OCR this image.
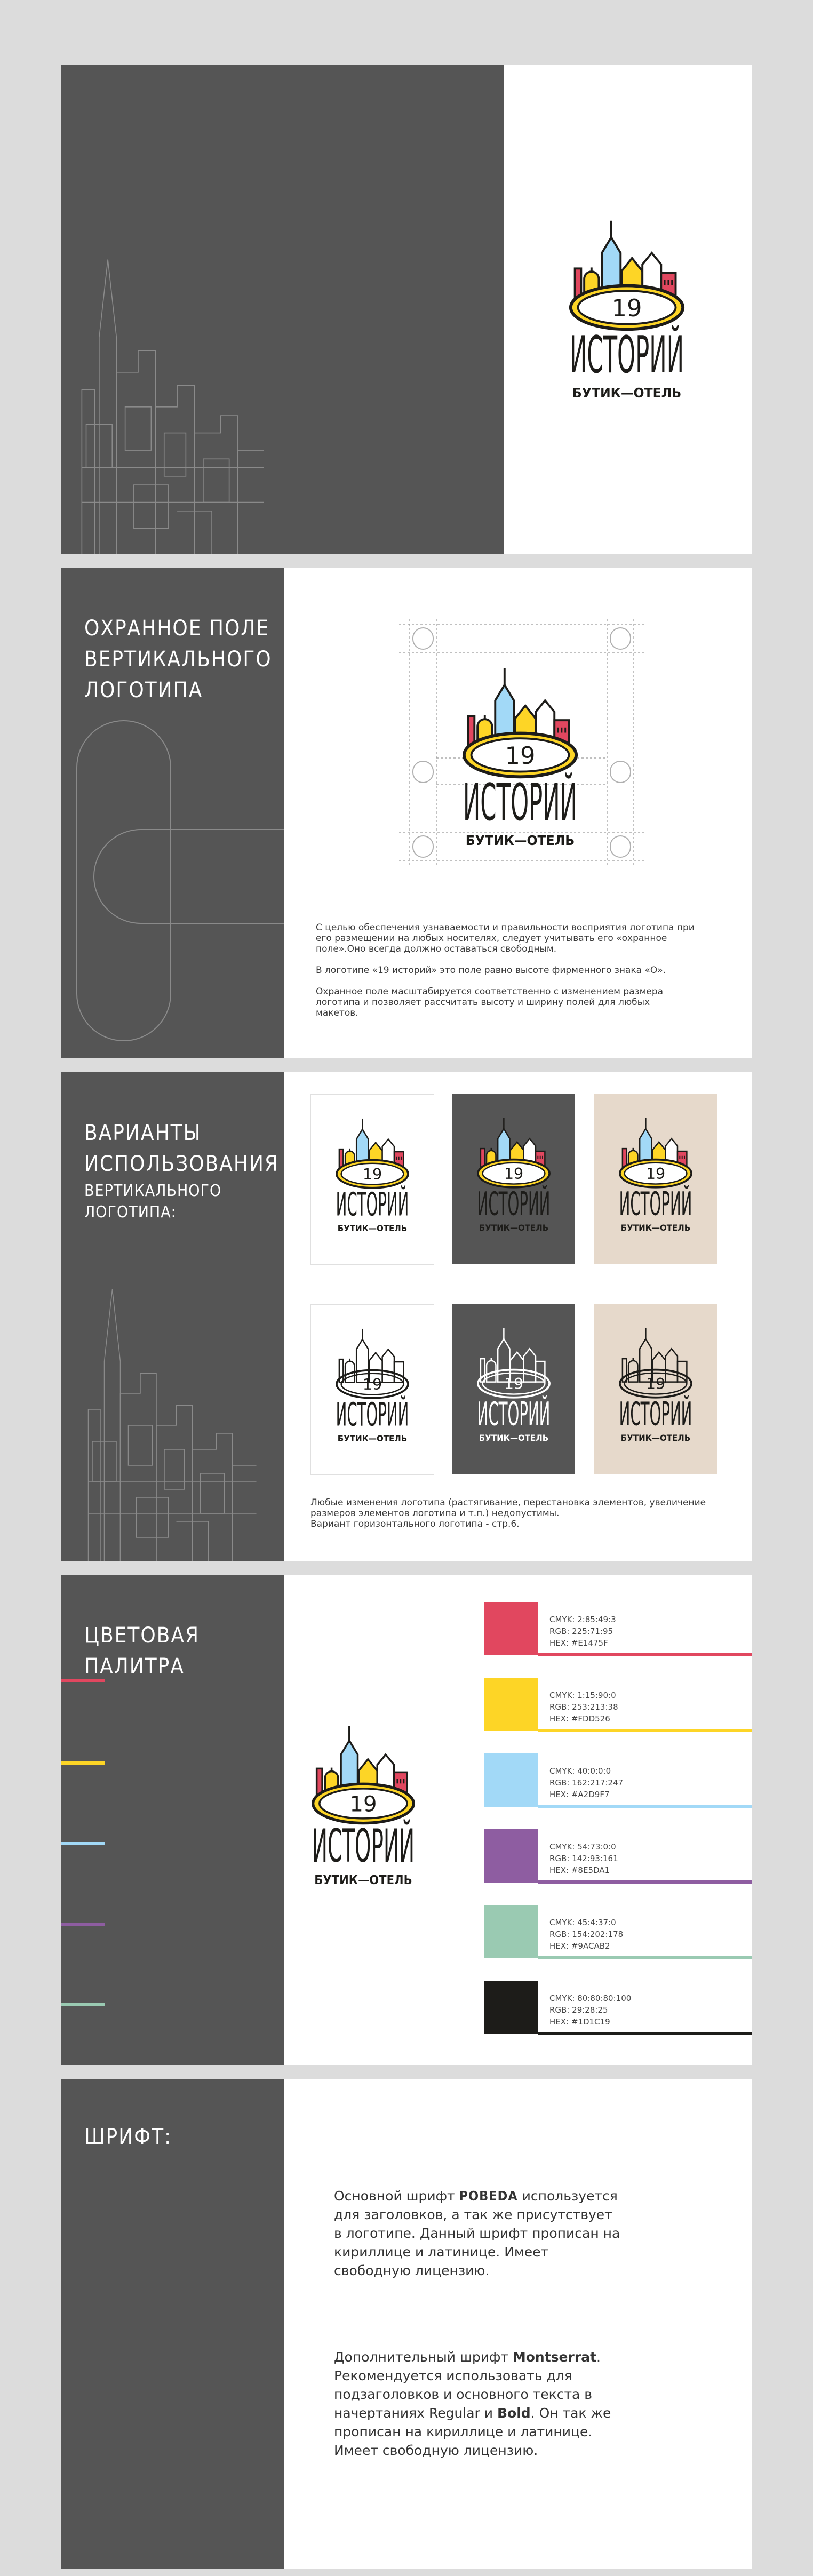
ОХРАННОЕ ПОЛЕ
ВЕРТИКАЛЬНОГО
ЛОГОТИПА

С целью обеспечения узнаваемости и правильности восприятия логотипа при его размещении на любых носителях, следует учитывать его «охранное поле».Оно всегда должно оставаться свободным.

В логотипе «19 историй» это поле равно высоте фирменного знака «О».

Охранное поле масштабируется соответственно с изменением размера логотипа и позволяет рассчитать высоту и ширину полей для любых макетов.

ВАРИАНТЫ
ИСПОЛЬЗОВАНИЯ

ВЕРТИКАЛЬНОГО
ЛОГОТИПА:

Любые изменения логотипа (растягивание, перестановка элементов, увеличение размеров элементов логотипа и т.п.) недопустимы.
Вариант горизонтального логотипа - стр.6.

ЦВЕТОВАЯ ПАЛИТРА
CMYK: 2:85:49:3
RGB: 225:71:95
HEX: #E1475F
CMYK: 1:15:90:0
RGB: 253:213:38
HEX: #FDD526
CMYK: 40:0:0:0
RGB: 162:217:247
HEX: #A2D9F7
CMYK: 54:73:0:0
RGB: 142:93:161
HEX: #8E5DA1
CMYK: 45:4:37:0
RGB: 154:202:178
HEX: #9ACAB2
CMYK: 80:80:80:100
RGB: 29:28:25
HEX: #1D1C19
ШРИФТ:

Основной шрифт POBEDA используется для заголовков, а так же присутствует в логотипе. Данный шрифт прописан на кириллице и латинице. Имеет свободную лицензию.

Дополнительный шрифт Montserrat. Рекомендуется использовать для подзаголовков и основного текста в начертаниях Regular и Bold. Он так же прописан на кириллице и латинице. Имеет свободную лицензию.
